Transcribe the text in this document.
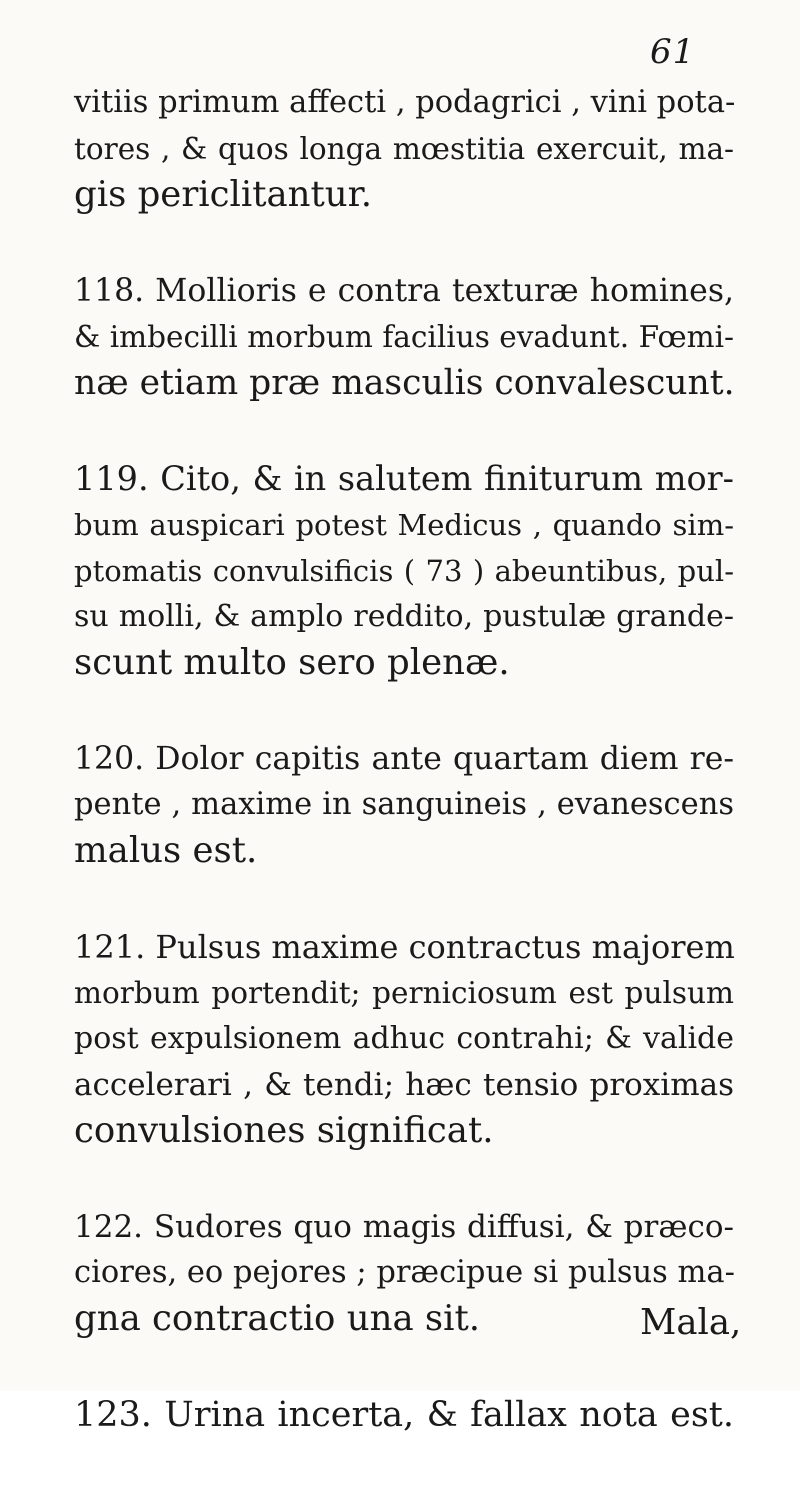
61
vitiis primum affecti , podagrici , vini pota-
tores , & quos longa mœstitia exercuit, ma-
gis periclitantur.
118. Mollioris e contra texturæ homines,
& imbecilli morbum facilius evadunt. Fœmi-
næ etiam præ masculis convalescunt.
119. Cito, & in salutem finiturum mor-
bum auspicari potest Medicus , quando sim-
ptomatis convulsificis ( 73 ) abeuntibus, pul-
su molli, & amplo reddito, pustulæ grande-
scunt multo sero plenæ.
120. Dolor capitis ante quartam diem re-
pente , maxime in sanguineis , evanescens
malus est.
121. Pulsus maxime contractus majorem
morbum portendit; perniciosum est pulsum
post expulsionem adhuc contrahi; & valide
accelerari , & tendi; hæc tensio proximas
convulsiones significat.
122. Sudores quo magis diffusi, & præco-
ciores, eo pejores ; præcipue si pulsus ma-
gna contractio una sit.
123. Urina incerta, & fallax nota est.
Mala,
